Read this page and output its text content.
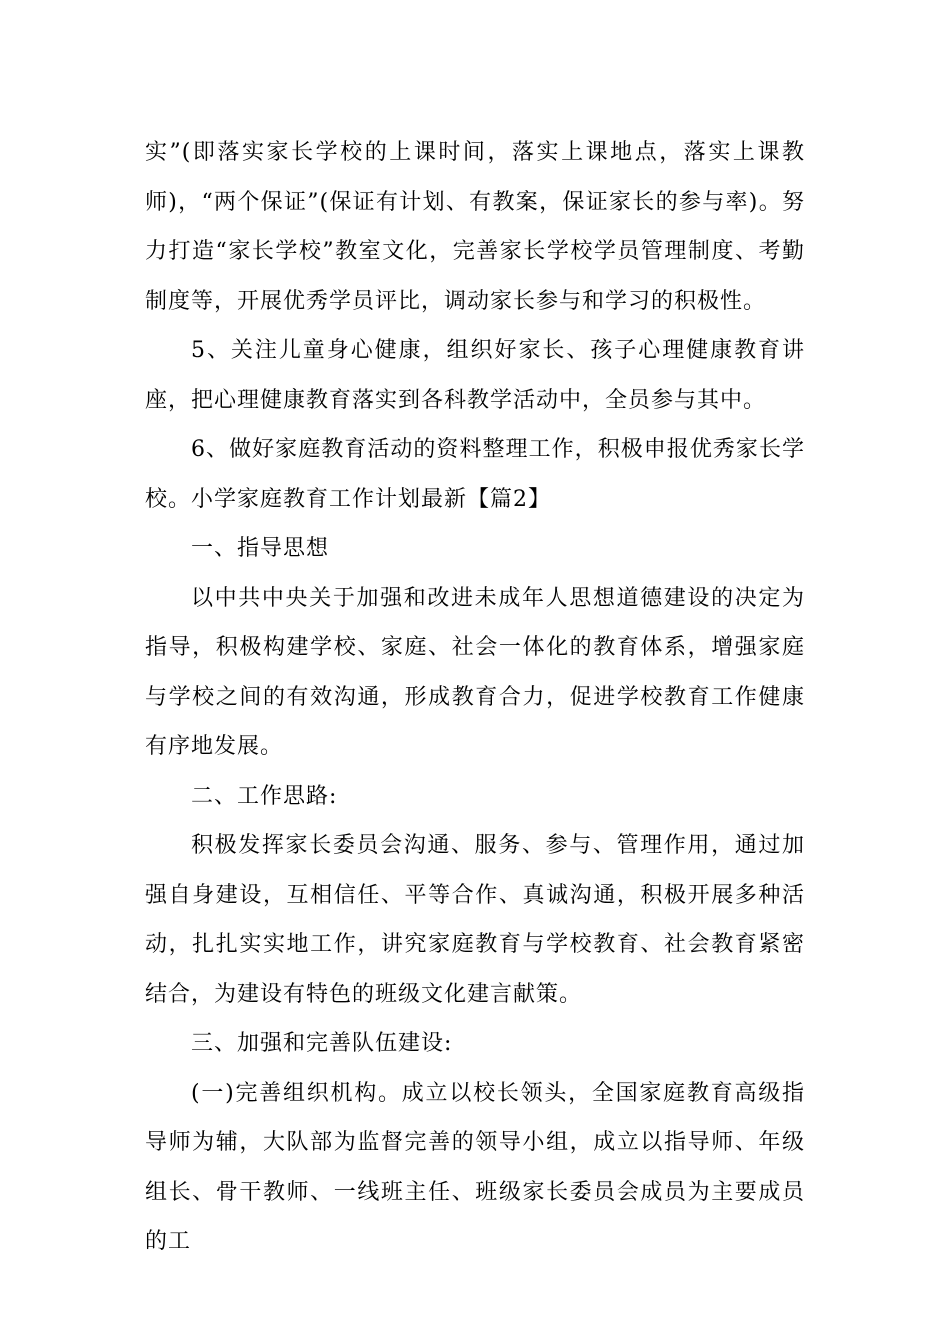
实”(即落实家长学校的上课时间，落实上课地点，落实上课教师)，“两个保证”(保证有计划、有教案，保证家长的参与率)。努力打造“家长学校”教室文化，完善家长学校学员管理制度、考勤制度等，开展优秀学员评比，调动家长参与和学习的积极性。

5、关注儿童身心健康，组织好家长、孩子心理健康教育讲座，把心理健康教育落实到各科教学活动中，全员参与其中。

6、做好家庭教育活动的资料整理工作，积极申报优秀家长学校。小学家庭教育工作计划最新【篇2】

一、指导思想

以中共中央关于加强和改进未成年人思想道德建设的决定为指导，积极构建学校、家庭、社会一体化的教育体系，增强家庭与学校之间的有效沟通，形成教育合力，促进学校教育工作健康有序地发展。

二、工作思路:

积极发挥家长委员会沟通、服务、参与、管理作用，通过加强自身建设，互相信任、平等合作、真诚沟通，积极开展多种活动，扎扎实实地工作，讲究家庭教育与学校教育、社会教育紧密结合，为建设有特色的班级文化建言献策。

三、加强和完善队伍建设:

(一)完善组织机构。成立以校长领头，全国家庭教育高级指导师为辅，大队部为监督完善的领导小组，成立以指导师、年级组长、骨干教师、一线班主任、班级家长委员会成员为主要成员的工
